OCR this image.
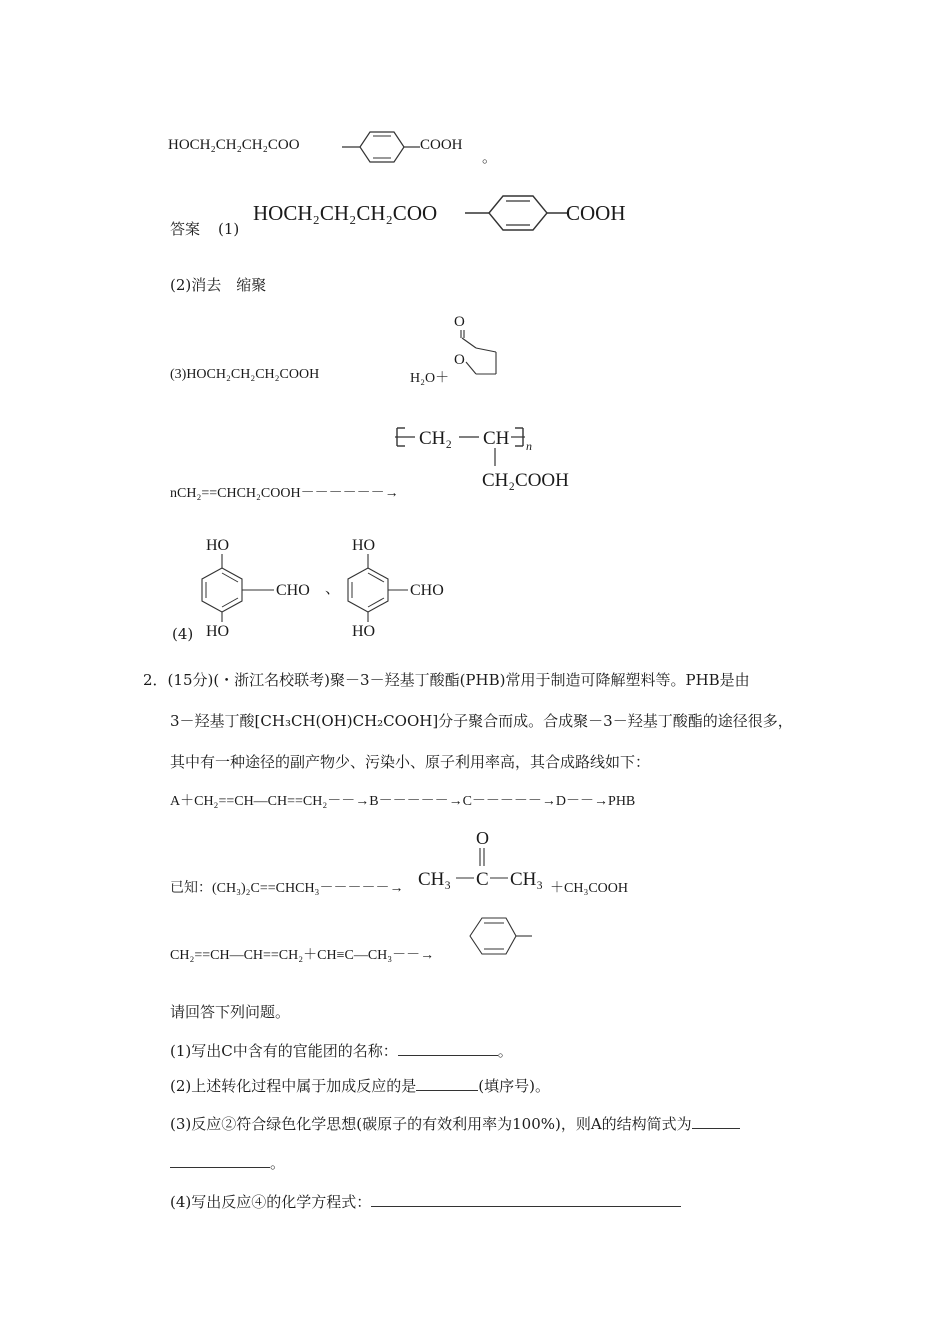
HOCH₂CH₂CH₂COO	COOH
。
答案 (1)
HOCH₂CH₂CH₂COO	COOH
(2)消去　缩聚
(3)HOCH₂CH₂CH₂COOH	H₂O＋
O
O
nCH₂==CHCH₂COOH－－－－－－→
CH₂ CH n
CH₂COOH
(4)
HO
HO
CHO 、
HO
HO
CHO
2．(15分)(・浙江名校联考)聚－3－羟基丁酸酯(PHB)常用于制造可降解塑料等。PHB是由
3－羟基丁酸[CH₃CH(OH)CH₂COOH]分子聚合而成。合成聚－3－羟基丁酸酯的途径很多，
其中有一种途径的副产物少、污染小、原子利用率高，其合成路线如下：
A＋CH₂==CH—CH==CH₂－－→B－－－－－→C－－－－－→D－－→PHB
已知：(CH₃)₂C==CHCH₃－－－－－→
O
CH₃ C CH₃ ＋CH₃COOH
CH₂==CH—CH==CH₂＋CH≡C—CH₃－－→
请回答下列问题。
(1)写出C中含有的官能团的名称：	。
(2)上述转化过程中属于加成反应的是	(填序号)。
(3)反应②符合绿色化学思想(碳原子的有效利用率为100%)，则A的结构简式为
。
(4)写出反应④的化学方程式：
